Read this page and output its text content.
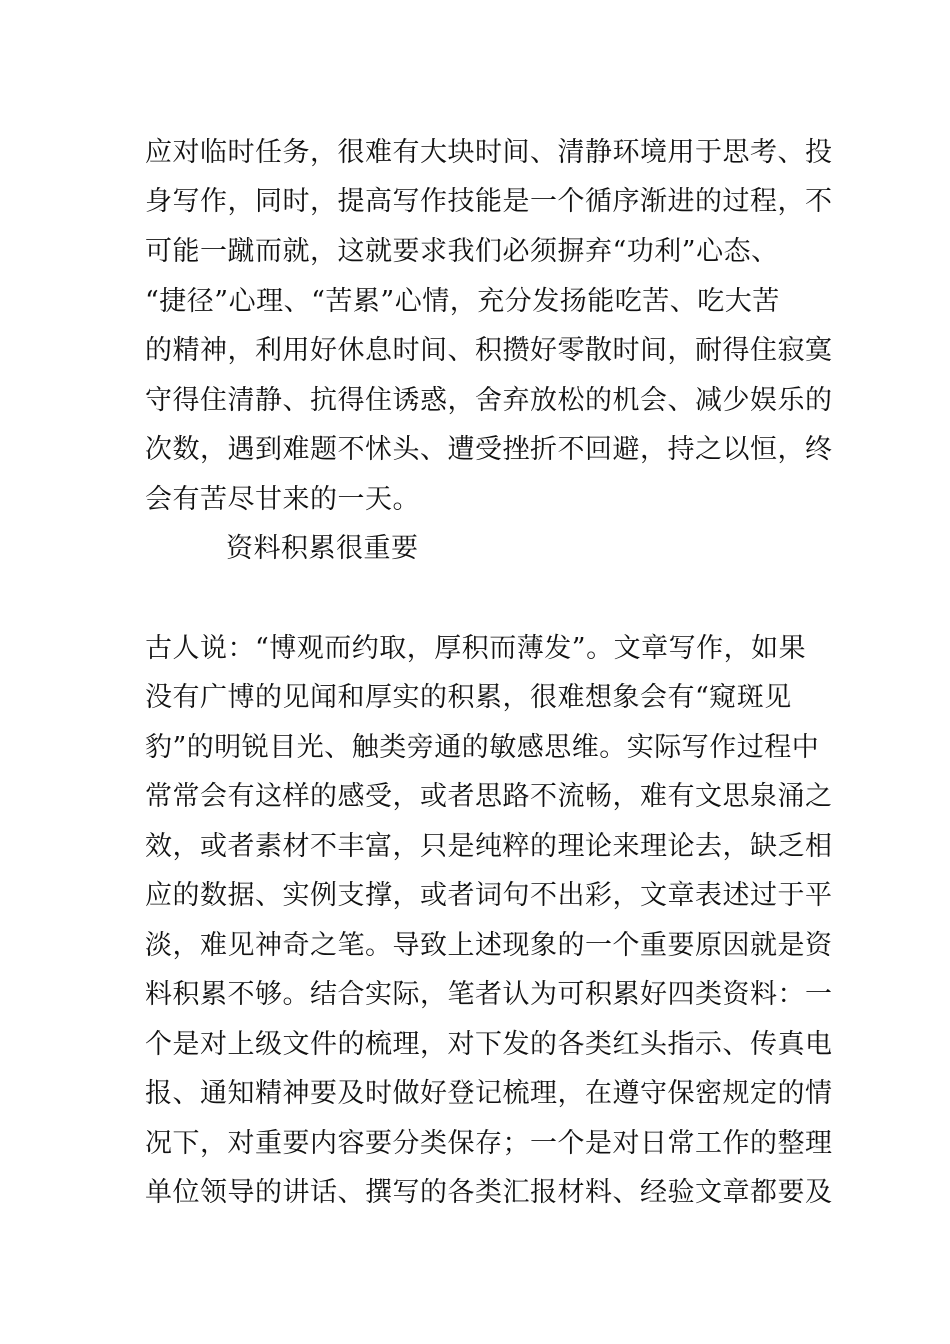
应对临时任务，很难有大块时间、清静环境用于思考、投
身写作，同时，提高写作技能是一个循序渐进的过程，不
可能一蹴而就，这就要求我们必须摒弃“功利”心态、
“捷径”心理、“苦累”心情，充分发扬能吃苦、吃大苦
的精神，利用好休息时间、积攒好零散时间，耐得住寂寞
守得住清静、抗得住诱惑，舍弃放松的机会、减少娱乐的
次数，遇到难题不怵头、遭受挫折不回避，持之以恒，终
会有苦尽甘来的一天。
资料积累很重要
古人说：“博观而约取，厚积而薄发”。文章写作，如果
没有广博的见闻和厚实的积累，很难想象会有“窥斑见
豹”的明锐目光、触类旁通的敏感思维。实际写作过程中
常常会有这样的感受，或者思路不流畅，难有文思泉涌之
效，或者素材不丰富，只是纯粹的理论来理论去，缺乏相
应的数据、实例支撑，或者词句不出彩，文章表述过于平
淡，难见神奇之笔。导致上述现象的一个重要原因就是资
料积累不够。结合实际，笔者认为可积累好四类资料：一
个是对上级文件的梳理，对下发的各类红头指示、传真电
报、通知精神要及时做好登记梳理，在遵守保密规定的情
况下，对重要内容要分类保存；一个是对日常工作的整理
单位领导的讲话、撰写的各类汇报材料、经验文章都要及
